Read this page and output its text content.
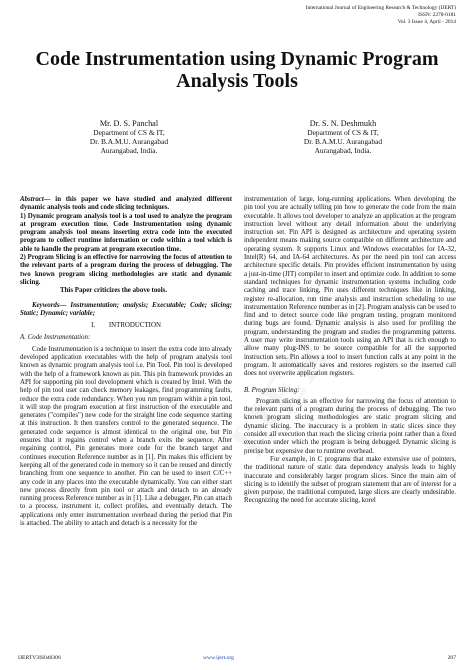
International Journal of Engineering Research & Technology (IJERT)
ISSN: 2278-0181
Vol. 3 Issue 4, April - 2014
Code Instrumentation using Dynamic Program
Analysis Tools
Mr. D. S. Panchal
Department of CS & IT,
Dr. B.A.M.U. Aurangabad
Aurangabad, India.
Dr. S. N. Deshmukh
Department of CS & IT,
Dr. B.A.M.U. Aurangabad
Aurangabad, India.

Abstract— in this paper we have studied and analyzed different dynamic analysis tools and code slicing techniques.

1) Dynamic program analysis tool is a tool used to analyze the program at program execution time. Code Instrumentation using dynamic program analysis tool means inserting extra code into the executed program to collect runtime information or code within a tool which is able to handle the program at program execution time.

2) Program Slicing is an effective for narrowing the focus of attention to the relevant parts of a program during the process of debugging. The two known program slicing methodologies are static and dynamic slicing.

This Paper criticizes the above tools.

Keywords— Instrumentation; analysis; Executable; Code; slicing; Static; Dynamic; variable;

I.        INTRODUCTION

A. Code Instrumentation:

Code Instrumentation is a technique to insert the extra code into already developed application executables with the help of program analysis tool known as dynamic program analysis tool i.e. Pin Tool. Pin tool is developed with the help of a framework known as pin. This pin framework provides an API for supporting pin tool development which is created by Intel. With the help of pin tool user can check memory leakages, find programming faults, reduce the extra code redundancy. When you run program within a pin tool, it will stop the program execution at first instruction of the executable and generates ("compiles") new code for the straight line code sequence starting at this instruction. It then transfers control to the generated sequence. The generated code sequence is almost identical to the original one, but Pin ensures that it regains control when a branch exits the sequence. After regaining control, Pin generates more code for the branch target and continues execution Reference number as in [1]. Pin makes this efficient by keeping all of the generated code in memory so it can be reused and directly branching from one sequence to another. Pin can be used to insert C/C++ any code in any places into the executable dynamically. You can either start new process directly from pin tool or attach and detach to an already running process Reference number as in [1]. Like a debugger, Pin can attach to a process, instrument it, collect profiles, and eventually detach. The applications only enter instrumentation overhead during the period that Pin is attached. The ability to attach and detach is a necessity for the

instrumentation of large, long-running applications. When developing the pin tool you are actually telling pin how to generate the code from the main executable. It allows tool developer to analyze an application at the program instruction level without any detail information about the underlying instruction set. Pin API is designed as architecture and operating system independent means making source compatible on different architecture and operating system. It supports Linux and Windows executables for IA-32, Intel(R) 64, and IA-64 architectures. As per the need pin tool can access architecture specific details. Pin provides efficient instrumentation by using a just-in-time (JIT) compiler to insert and optimize code. In addition to some standard techniques for dynamic instrumentation systems including code caching and trace linking, Pin uses different techniques like in linking, register re-allocation, run time analysis and instruction scheduling to use instrumentation Reference number as in [2]. Program analysis can be used to find and to detect source code like program testing, program monitored during bugs are found. Dynamic analysis is also used for profiling the program, understanding the program and studies the programming patterns. A user may write instrumentation tools using an API that is rich enough to allow many plug-INS to be source compatible for all the supported instruction sets. Pin allows a tool to insert function calls at any point in the program. It automatically saves and restores registers so the inserted call does not overwrite application registers.

B. Program Slicing:

Program slicing is an effective for narrowing the focus of attention to the relevant parts of a program during the process of debugging. The two known program slicing methodologies are static program slicing and dynamic slicing. The inaccuracy is a problem in static slices since they consider all execution that reach the slicing criteria point rather than a fixed execution under which the program is being debugged. Dynamic slicing is precise but expensive due to runtime overhead.

For example, in C programs that make extensive use of pointers, the traditional nature of static data dependency analysis leads to highly inaccurate and considerably larger program slices. Since the main aim of slicing is to identify the subset of program statement that are of interest for a given purpose, the traditional computed, large slices are clearly undesirable. Recognizing the need for accurate slicing, korel

IJERTV3IS040306	www.ijert.org	207
